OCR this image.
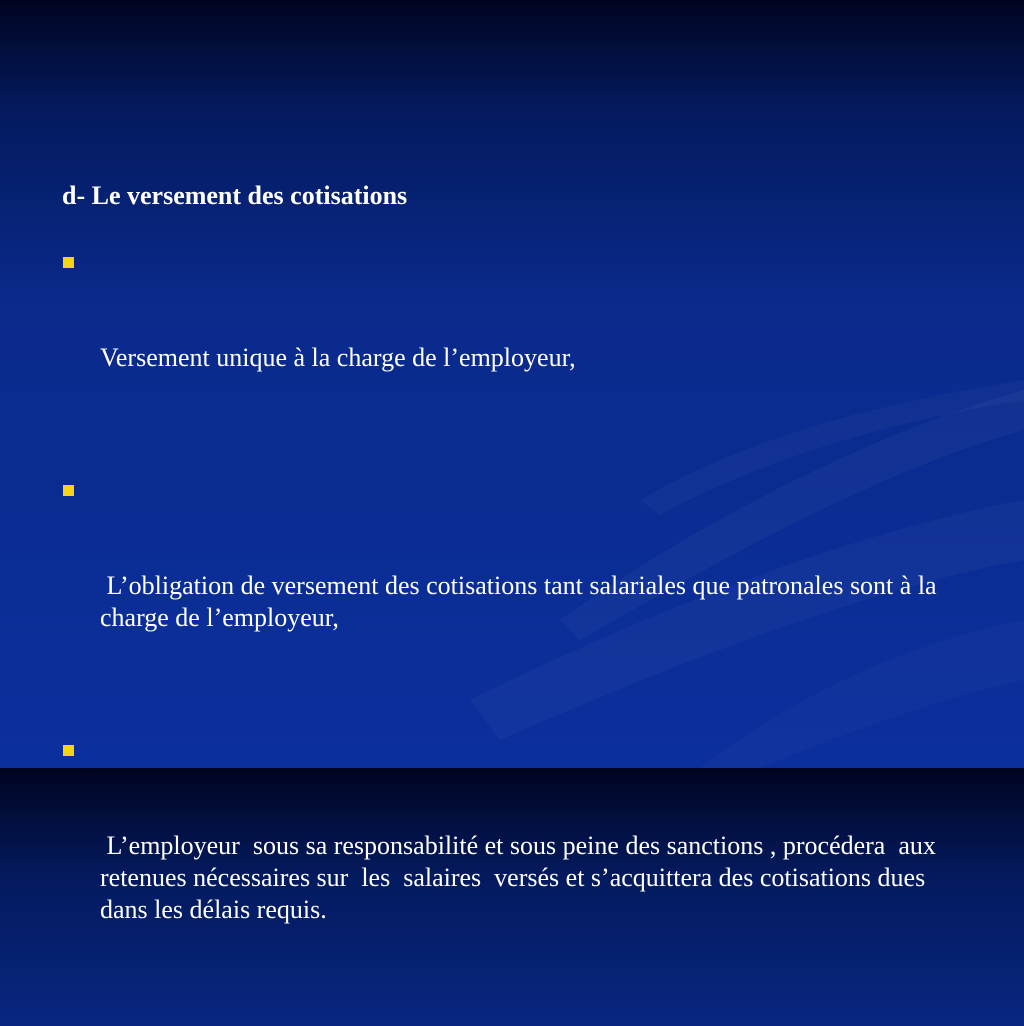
d- Le versement des cotisations

Versement unique à la charge de l’employeur,

L’obligation de versement des cotisations tant salariales que patronales sont à la charge de l’employeur,

L’employeur  sous sa responsabilité et sous peine des sanctions , procédera  aux retenues nécessaires sur  les  salaires  versés et s’acquittera des cotisations dues dans les délais requis.
